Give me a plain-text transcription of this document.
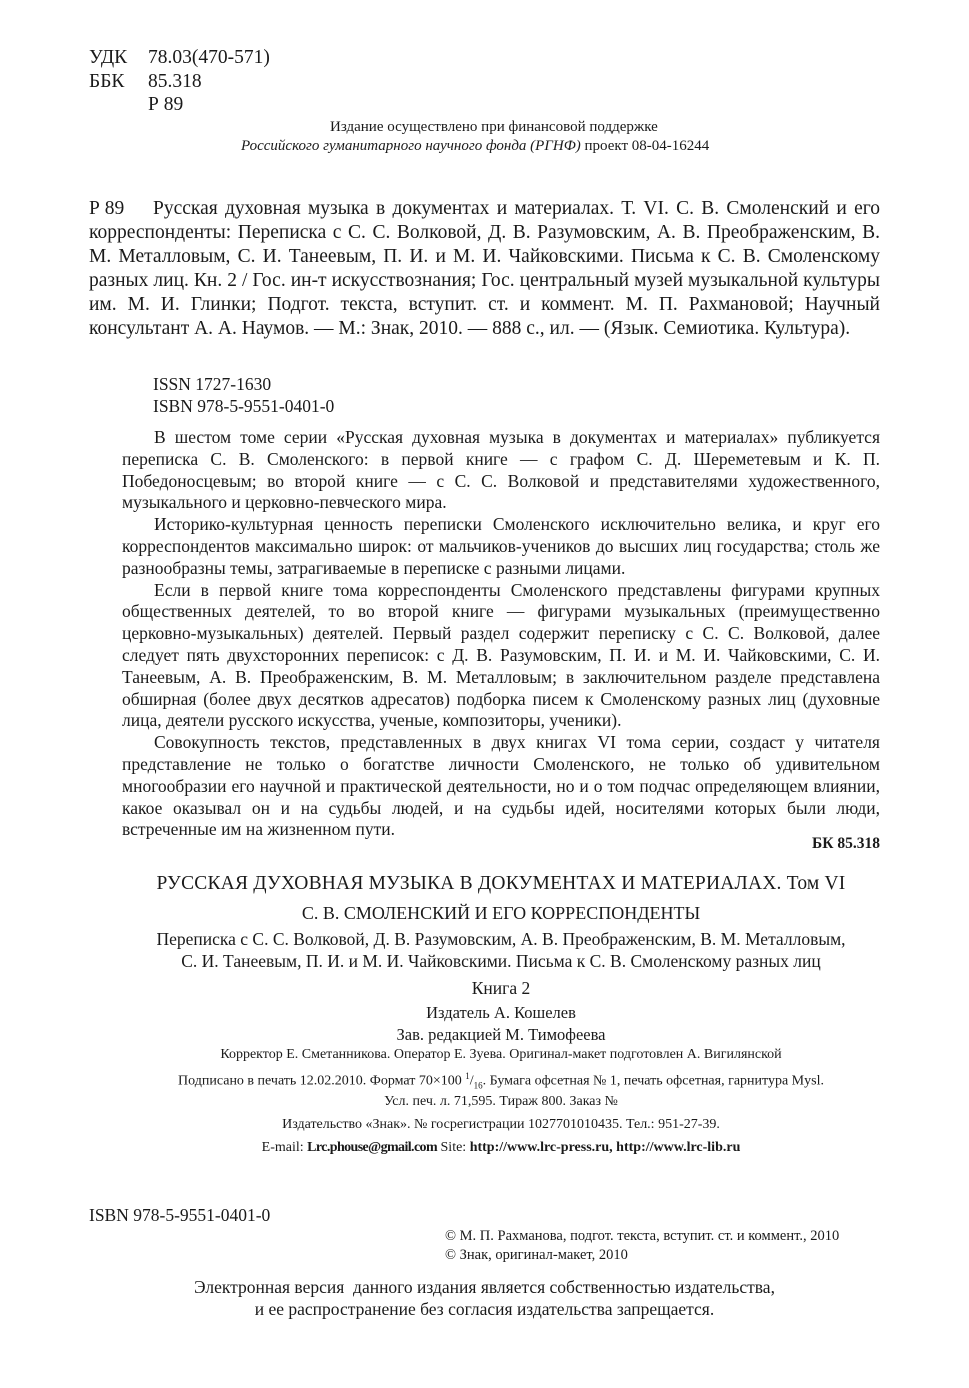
УДК	78.03(470-571)
ББК	85.318
Р 89
Издание осуществлено при финансовой поддержке
Российского гуманитарного научного фонда (РГНФ) проект 08-04-16244
Р 89	Русская духовная музыка в документах и материалах. Т. VI. С. В. Смоленский и его корреспонденты: Переписка с С. С. Волковой, Д. В. Разумовским, А. В. Преображенским, В. М. Металловым, С. И. Танеевым, П. И. и М. И. Чайковскими. Письма к С. В. Смоленскому разных лиц. Кн. 2 / Гос. ин-т искусствознания; Гос. центральный музей музыкальной культуры им. М. И. Глинки; Подгот. текста, вступит. ст. и коммент. М. П. Рахмановой; Научный консультант А. А. Наумов. — М.: Знак, 2010. — 888 с., ил. — (Язык. Семиотика. Культура).

ISSN 1727-1630
ISBN 978-5-9551-0401-0

В шестом томе серии «Русская духовная музыка в документах и материалах» публикуется переписка С. В. Смоленского: в первой книге — с графом С. Д. Шереметевым и К. П. Победоносцевым; во второй книге — с С. С. Волковой и представителями художественного, музыкального и церковно-певческого мира.

Историко-культурная ценность переписки Смоленского исключительно велика, и круг его корреспондентов максимально широк: от мальчиков-учеников до высших лиц государства; столь же разнообразны темы, затрагиваемые в переписке с разными лицами.

Если в первой книге тома корреспонденты Смоленского представлены фигурами крупных общественных деятелей, то во второй книге — фигурами музыкальных (преимущественно церковно-музыкальных) деятелей. Первый раздел содержит переписку с С. С. Волковой, далее следует пять двухсторонних переписок: с Д. В. Разумовским, П. И. и М. И. Чайковскими, С. И. Танеевым, А. В. Преображенским, В. М. Металловым; в заключительном разделе представлена обширная (более двух десятков адресатов) подборка писем к Смоленскому разных лиц (духовные лица, деятели русского искусства, ученые, композиторы, ученики).

Совокупность текстов, представленных в двух книгах VI тома серии, создаст у читателя представление не только о богатстве личности Смоленского, не только об удивительном многообразии его научной и практической деятельности, но и о том подчас определяющем влиянии, какое оказывал он и на судьбы людей, и на судьбы идей, носителями которых были люди, встреченные им на жизненном пути.

БК 85.318
РУССКАЯ ДУХОВНАЯ МУЗЫКА В ДОКУМЕНТАХ И МАТЕРИАЛАХ. Том VI
С. В. СМОЛЕНСКИЙ И ЕГО КОРРЕСПОНДЕНТЫ
Переписка с С. С. Волковой, Д. В. Разумовским, А. В. Преображенским, В. М. Металловым,
С. И. Танеевым, П. И. и М. И. Чайковскими. Письма к С. В. Смоленскому разных лиц
Книга 2
Издатель А. Кошелев
Зав. редакцией М. Тимофеева
Корректор Е. Сметанникова. Оператор Е. Зуева. Оригинал-макет подготовлен А. Вигилянской
Подписано в печать 12.02.2010. Формат 70×100 $^1/_{16}$. Бумага офсетная № 1, печать офсетная, гарнитура Mysl.
Усл. печ. л. 71,595. Тираж 800. Заказ №
Издательство «Знак». № госрегистрации 1027701010435. Тел.: 951-27-39.
E-mail: Lrc.phouse@gmail.com Site: http://www.lrc-press.ru, http://www.lrc-lib.ru
ISBN 978-5-9551-0401-0
© М. П. Рахманова, подгот. текста, вступит. ст. и коммент., 2010
© Знак, оригинал-макет, 2010
Электронная версия  данного издания является собственностью издательства,
и ее распространение без согласия издательства запрещается.
